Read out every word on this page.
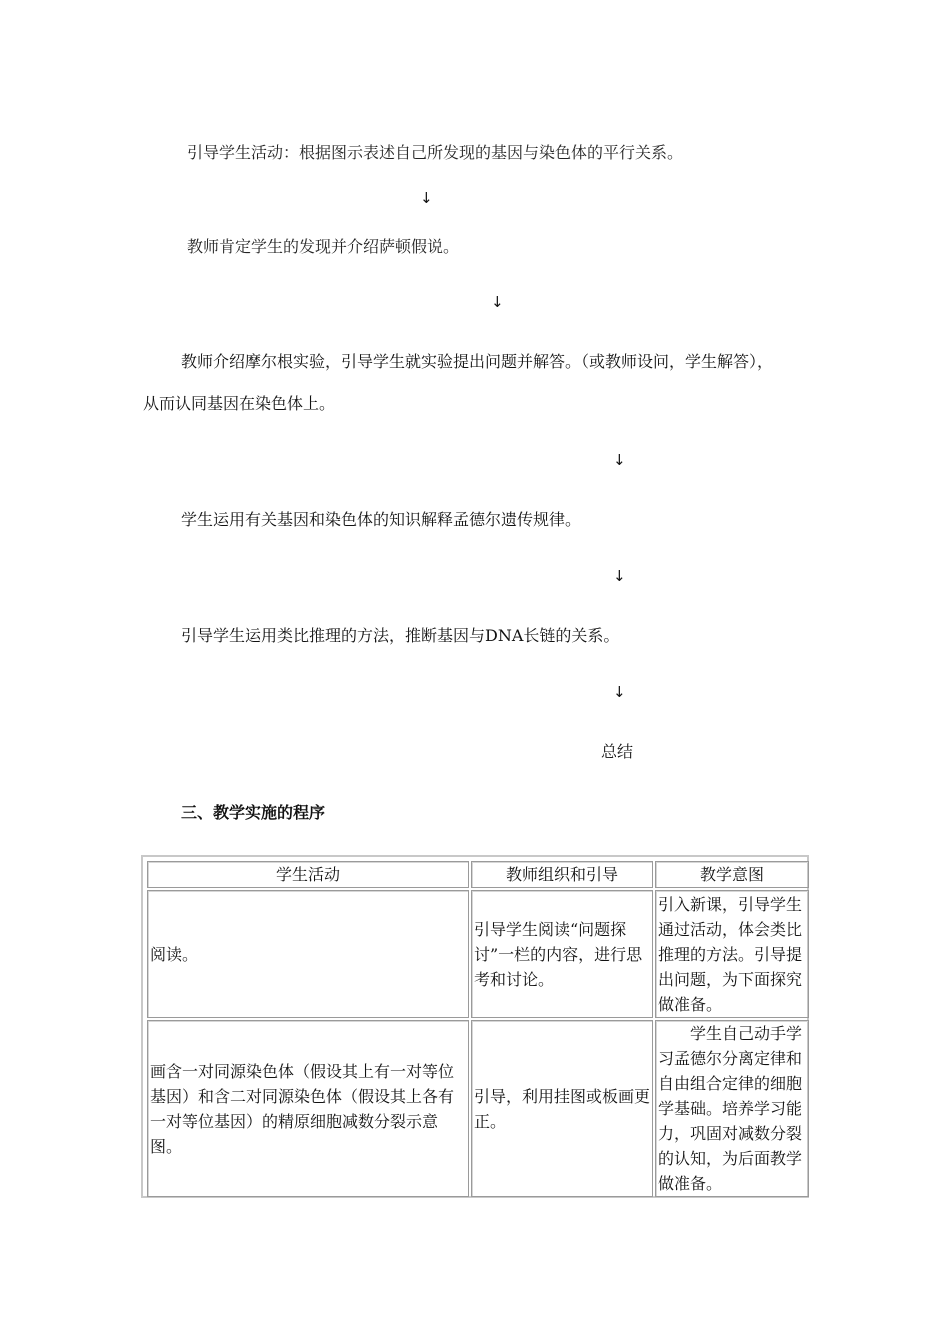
引导学生活动：根据图示表述自己所发现的基因与染色体的平行关系。
↓
教师肯定学生的发现并介绍萨顿假说。
↓
教师介绍摩尔根实验，引导学生就实验提出问题并解答。（或教师设问，学生解答），
从而认同基因在染色体上。
↓
学生运用有关基因和染色体的知识解释孟德尔遗传规律。
↓
引导学生运用类比推理的方法，推断基因与DNA长链的关系。
↓
总结
三、教学实施的程序
学生活动	教师组织和引导	教学意图
阅读。	引导学生阅读“问题探讨”一栏的内容，进行思考和讨论。	引入新课，引导学生通过活动，体会类比推理的方法。引导提出问题，为下面探究做准备。
画含一对同源染色体（假设其上有一对等位基因）和含二对同源染色体（假设其上各有一对等位基因）的精原细胞减数分裂示意图。	引导，利用挂图或板画更正。	学生自己动手学习孟德尔分离定律和自由组合定律的细胞学基础。培养学习能力，巩固对减数分裂的认知，为后面教学做准备。
